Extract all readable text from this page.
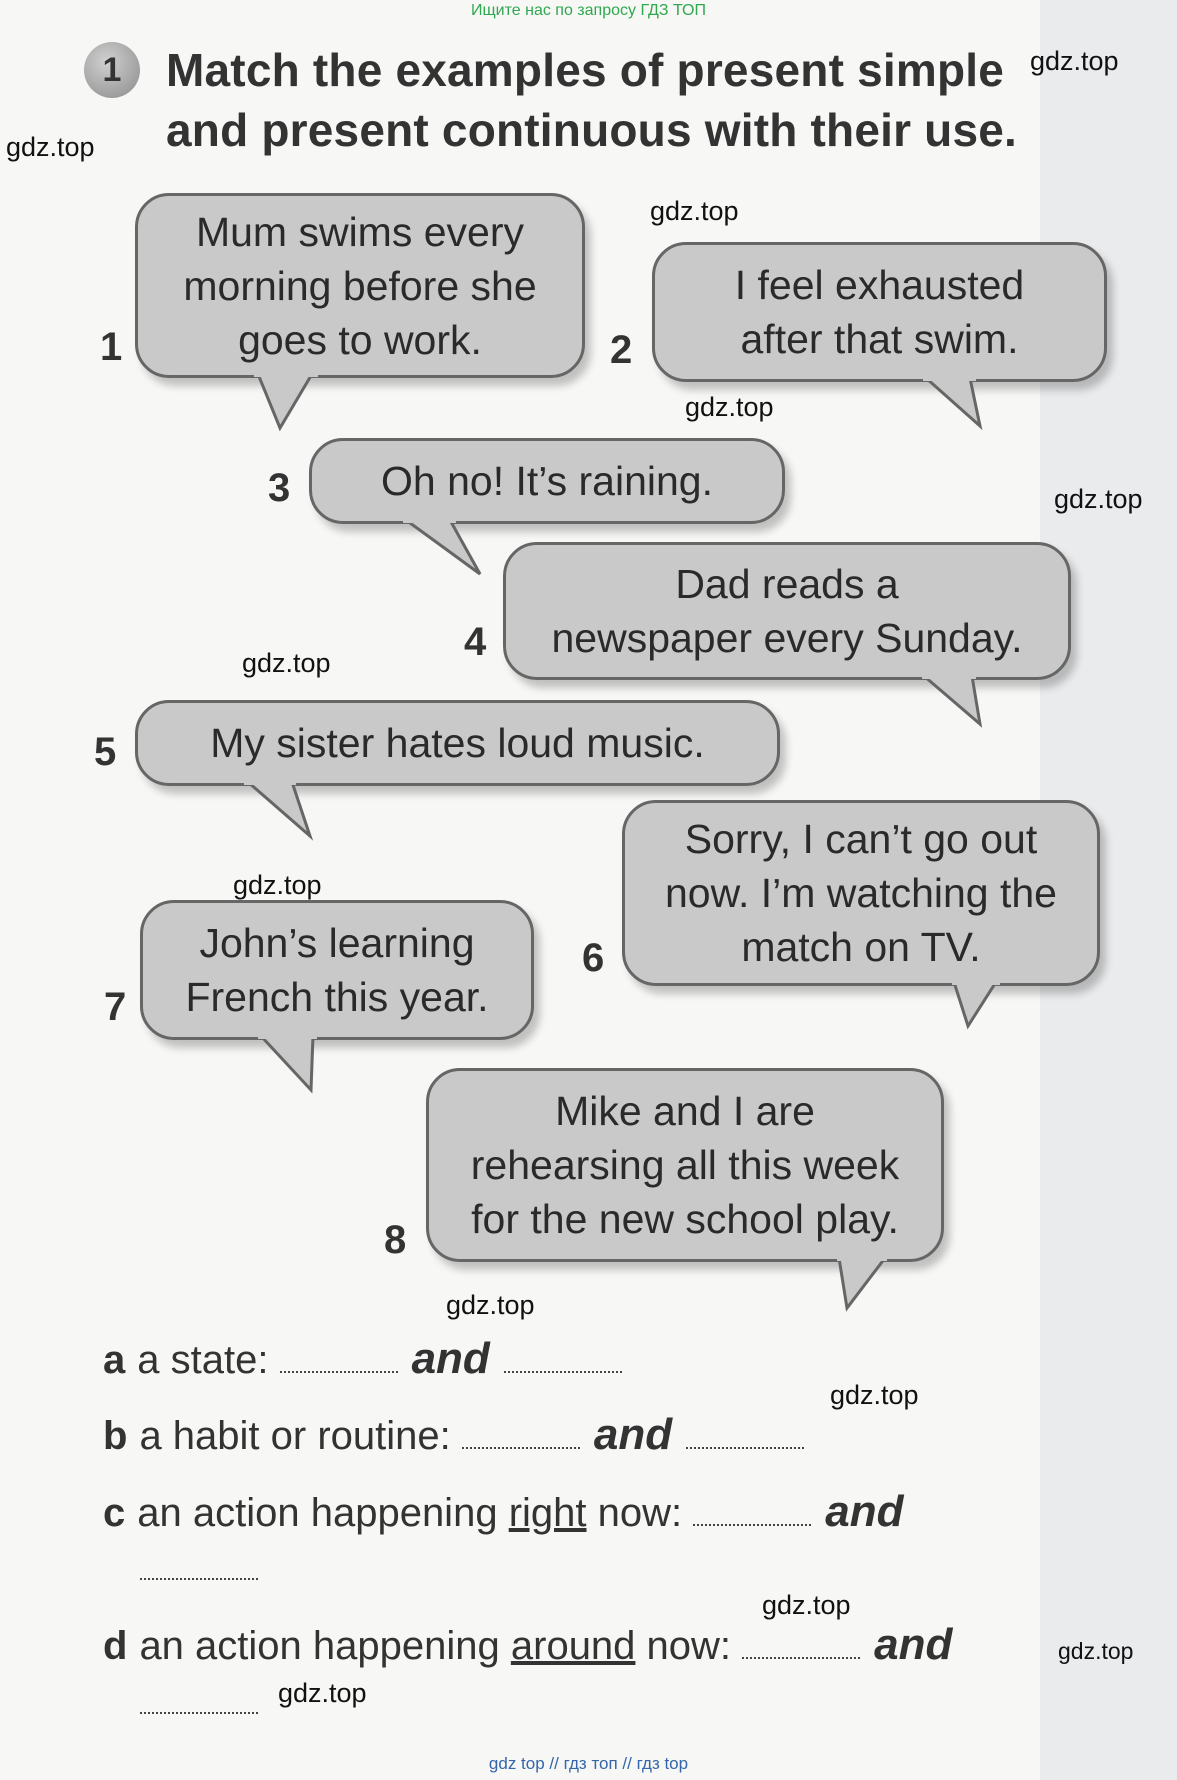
Ищите нас по запросу ГДЗ ТОП
1 Match the examples of present simple
and present continuous with their use.
1
Mum swims every
morning before she
goes to work.	2
I feel exhausted
after that swim.
3 Oh no! It’s raining.
4
Dad reads a
newspaper every Sunday.
5 My sister hates loud music.
6
Sorry, I can’t go out
now. I’m watching the
match on TV.
7
John’s learning
French this year.
8
Mike and I are
rehearsing all this week
for the new school play.
a a state:	and
b a habit or routine:	and
c an action happening right now:	and
d an action happening around now:	and
gdz.top
gdz.top
gdz.top
gdz.top
gdz.top
gdz.top
gdz.top
gdz.top
gdz.top
gdz.top
gdz.top
gdz.top
gdz top // гдз топ // гдз top
